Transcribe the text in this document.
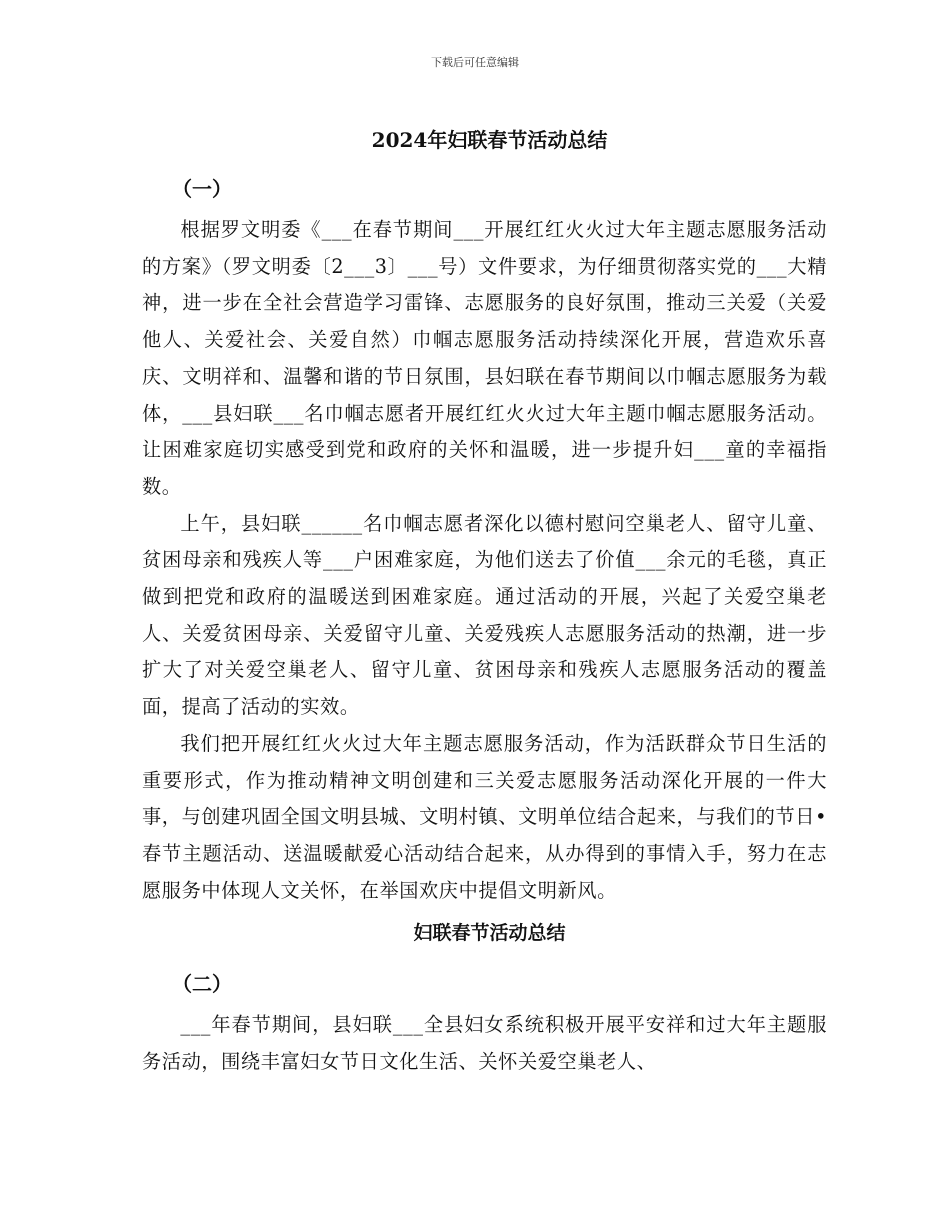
下载后可任意编辑
2024年妇联春节活动总结
（一）

根据罗文明委《___在春节期间___开展红红火火过大年主题志愿服务活动的方案》（罗文明委〔2___3〕___号）文件要求，为仔细贯彻落实党的___大精神，进一步在全社会营造学习雷锋、志愿服务的良好氛围，推动三关爱（关爱他人、关爱社会、关爱自然）巾帼志愿服务活动持续深化开展，营造欢乐喜庆、文明祥和、温馨和谐的节日氛围，县妇联在春节期间以巾帼志愿服务为载体，___县妇联___名巾帼志愿者开展红红火火过大年主题巾帼志愿服务活动。让困难家庭切实感受到党和政府的关怀和温暖，进一步提升妇___童的幸福指数。

上午，县妇联______名巾帼志愿者深化以德村慰问空巢老人、留守儿童、贫困母亲和残疾人等___户困难家庭，为他们送去了价值___余元的毛毯，真正做到把党和政府的温暖送到困难家庭。通过活动的开展，兴起了关爱空巢老人、关爱贫困母亲、关爱留守儿童、关爱残疾人志愿服务活动的热潮，进一步扩大了对关爱空巢老人、留守儿童、贫困母亲和残疾人志愿服务活动的覆盖面，提高了活动的实效。

我们把开展红红火火过大年主题志愿服务活动，作为活跃群众节日生活的重要形式，作为推动精神文明创建和三关爱志愿服务活动深化开展的一件大事，与创建巩固全国文明县城、文明村镇、文明单位结合起来，与我们的节日•春节主题活动、送温暖献爱心活动结合起来，从办得到的事情入手，努力在志愿服务中体现人文关怀，在举国欢庆中提倡文明新风。

妇联春节活动总结
（二）

___年春节期间，县妇联___全县妇女系统积极开展平安祥和过大年主题服务活动，围绕丰富妇女节日文化生活、关怀关爱空巢老人、
